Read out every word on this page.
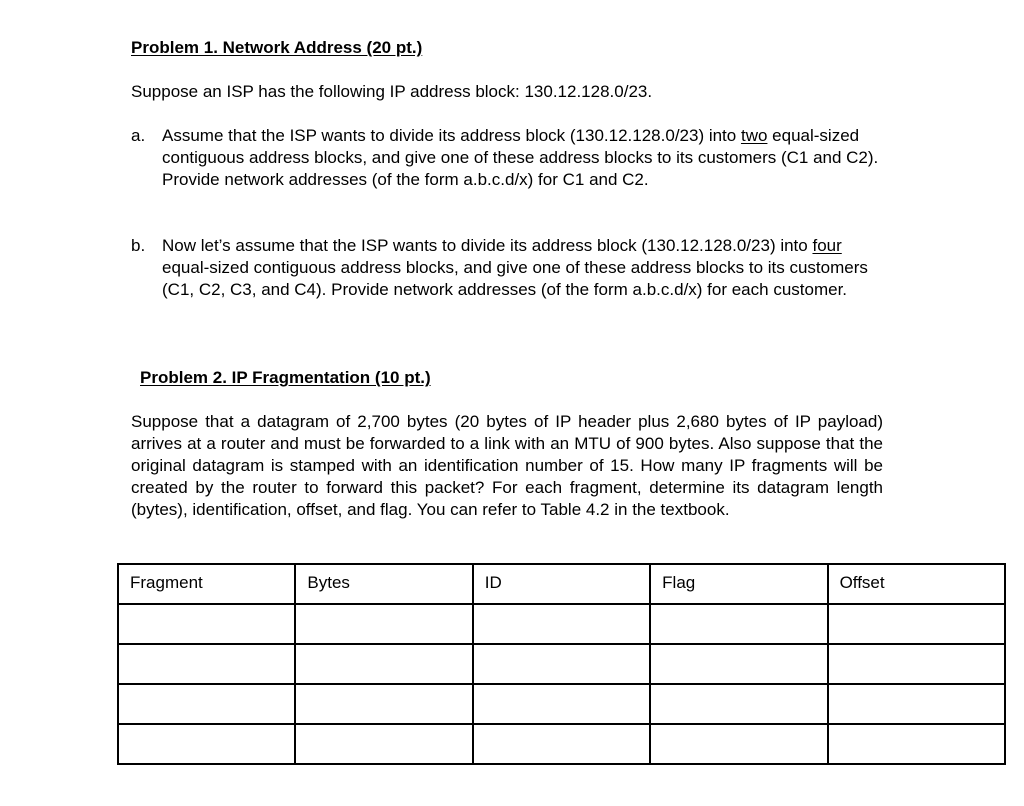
Problem 1. Network Address (20 pt.)
Suppose an ISP has the following IP address block: 130.12.128.0/23.
a. Assume that the ISP wants to divide its address block (130.12.128.0/23) into two equal-sized contiguous address blocks, and give one of these address blocks to its customers (C1 and C2). Provide network addresses (of the form a.b.c.d/x) for C1 and C2.
b. Now let’s assume that the ISP wants to divide its address block (130.12.128.0/23) into four equal-sized contiguous address blocks, and give one of these address blocks to its customers (C1, C2, C3, and C4). Provide network addresses (of the form a.b.c.d/x) for each customer.
Problem 2. IP Fragmentation (10 pt.)
Suppose that a datagram of 2,700 bytes (20 bytes of IP header plus 2,680 bytes of IP payload) arrives at a router and must be forwarded to a link with an MTU of 900 bytes. Also suppose that the original datagram is stamped with an identification number of 15. How many IP fragments will be created by the router to forward this packet? For each fragment, determine its datagram length (bytes), identification, offset, and flag. You can refer to Table 4.2 in the textbook.
Fragment	Bytes	ID	Flag	Offset
